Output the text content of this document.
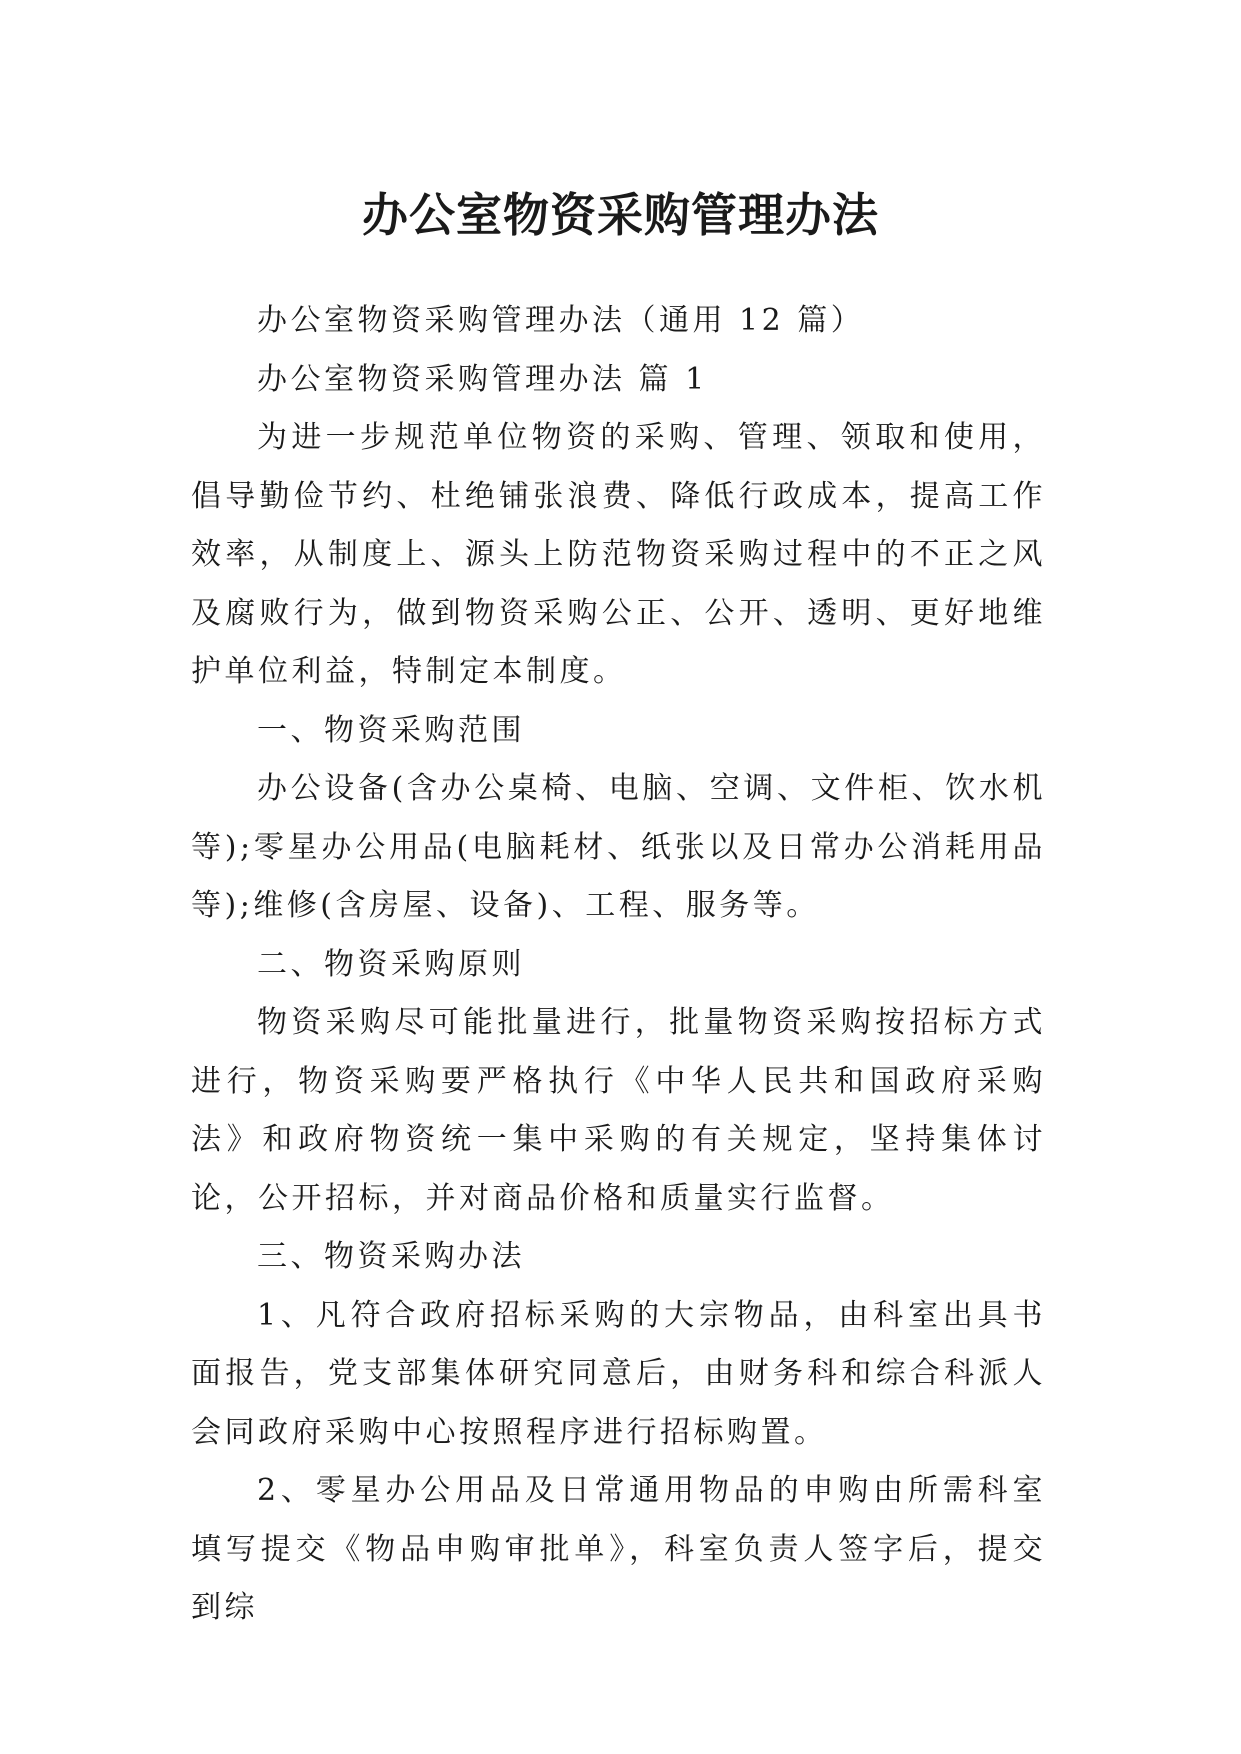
办公室物资采购管理办法

办公室物资采购管理办法（通用 12 篇）

办公室物资采购管理办法 篇 1

为进一步规范单位物资的采购、管理、领取和使用，倡导勤俭节约、杜绝铺张浪费、降低行政成本，提高工作效率，从制度上、源头上防范物资采购过程中的不正之风及腐败行为，做到物资采购公正、公开、透明、更好地维护单位利益，特制定本制度。

一、物资采购范围

办公设备(含办公桌椅、电脑、空调、文件柜、饮水机等);零星办公用品(电脑耗材、纸张以及日常办公消耗用品等);维修(含房屋、设备)、工程、服务等。

二、物资采购原则

物资采购尽可能批量进行，批量物资采购按招标方式进行，物资采购要严格执行《中华人民共和国政府采购法》和政府物资统一集中采购的有关规定，坚持集体讨论，公开招标，并对商品价格和质量实行监督。

三、物资采购办法

1、凡符合政府招标采购的大宗物品，由科室出具书面报告，党支部集体研究同意后，由财务科和综合科派人会同政府采购中心按照程序进行招标购置。

2、零星办公用品及日常通用物品的申购由所需科室填写提交《物品申购审批单》，科室负责人签字后，提交到综
